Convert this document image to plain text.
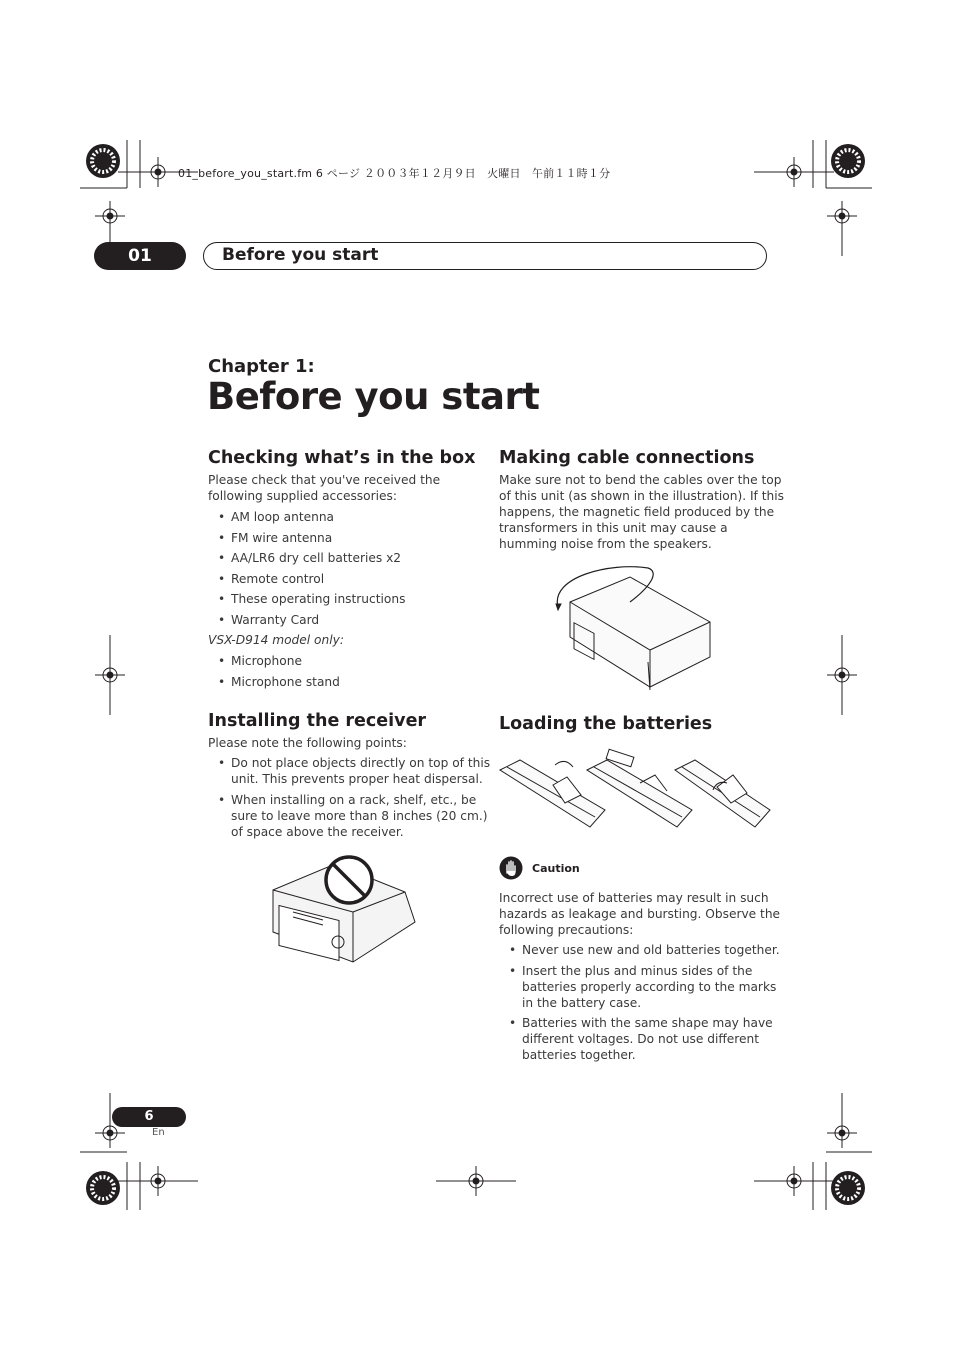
01_before_you_start.fm 6 ページ ２００３年１２月９日　火曜日　午前１１時１分
01	Before you start
Chapter 1:
Before you start
Checking what’s in the box
Please check that you've received the
following supplied accessories:
• AM loop antenna
• FM wire antenna
• AA/LR6 dry cell batteries x2
• Remote control
• These operating instructions
• Warranty Card
VSX-D914 model only:
• Microphone
• Microphone stand
Installing the receiver
Please note the following points:
• Do not place objects directly on top of this
unit. This prevents proper heat dispersal.
• When installing on a rack, shelf, etc., be
sure to leave more than 8 inches (20 cm.)
of space above the receiver.
Making cable connections
Make sure not to bend the cables over the top
of this unit (as shown in the illustration). If this
happens, the magnetic field produced by the
transformers in this unit may cause a
humming noise from the speakers.
Loading the batteries
Caution
Incorrect use of batteries may result in such
hazards as leakage and bursting. Observe the
following precautions:
• Never use new and old batteries together.
• Insert the plus and minus sides of the
batteries properly according to the marks
in the battery case.
• Batteries with the same shape may have
different voltages. Do not use different
batteries together.
6
En
